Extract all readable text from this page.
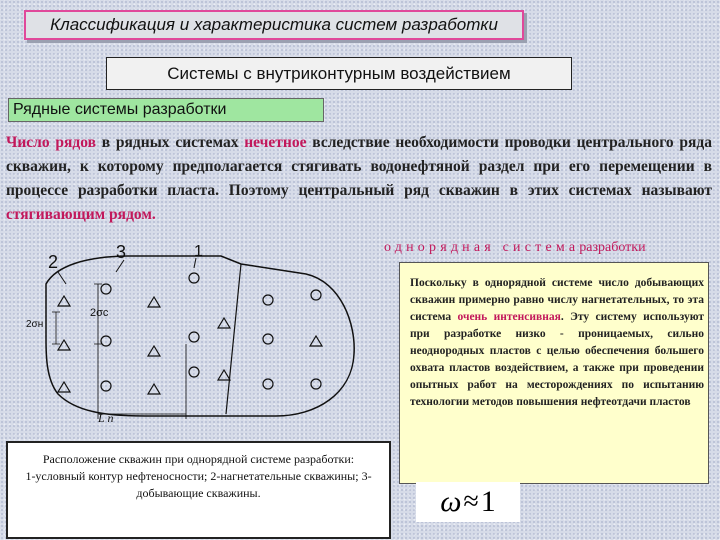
Классификация и характеристика систем разработки
Системы с внутриконтурным воздействием
Рядные системы разработки
Число рядов в рядных системах нечетное вследствие необходимости проводки центрального ряда скважин, к которому предполагается стягивать водонефтяной раздел при его перемещении в процессе разработки пласта. Поэтому центральный ряд скважин в этих системах называют стягивающим рядом.
однорядная системаразработки
1
2	3
2σс
2σн
L п
Поскольку в однорядной системе число добывающих скважин примерно равно числу нагнетательных, то эта система очень интенсивная. Эту систему используют при разработке низко - проницаемых, сильно неоднородных пластов с целью обеспечения большего охвата пластов воздействием, а также при проведении опытных работ на месторождениях по испытанию технологии методов повышения нефтеотдачи пластов
Расположение скважин при однорядной системе разработки:
1-условный контур нефтеносности; 2-нагнетательные скважины; 3-добывающие скважины.	ω ≈ 1
